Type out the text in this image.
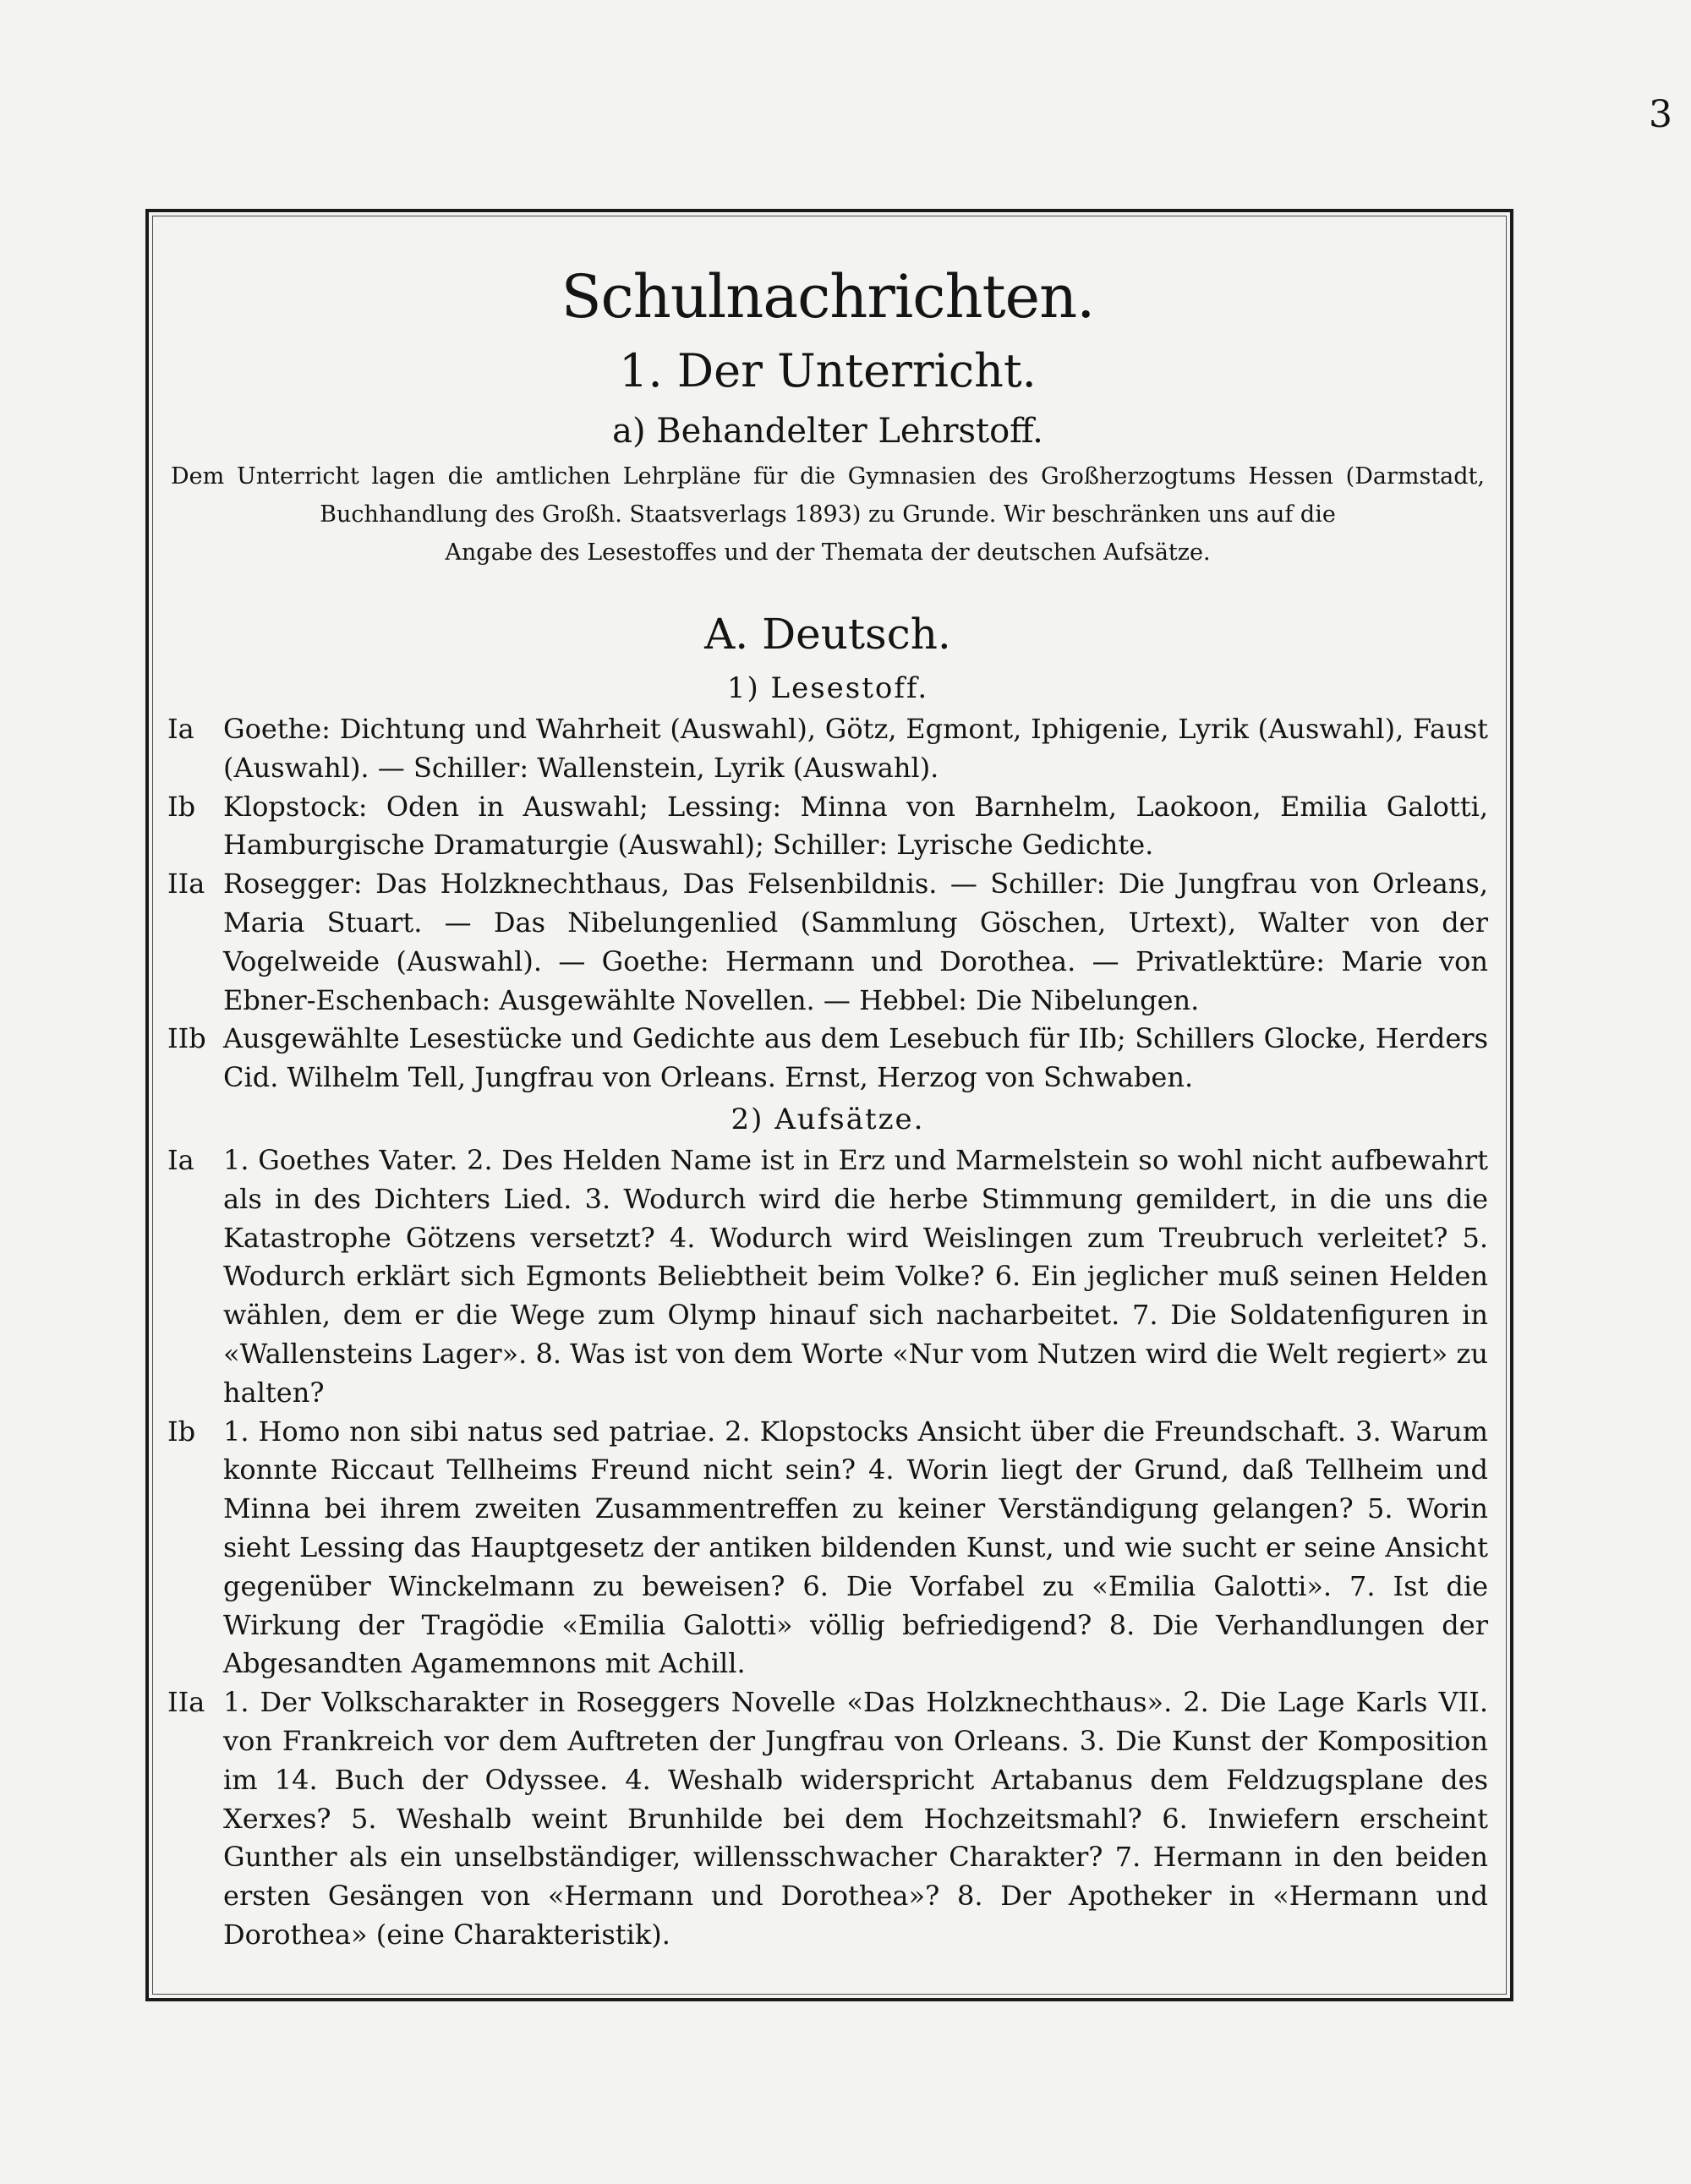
3
Schulnachrichten.
1. Der Unterricht.
a) Behandelter Lehrstoff.

Dem Unterricht lagen die amtlichen Lehrpläne für die Gymnasien des Großherzogtums Hessen (Darmstadt,
Buchhandlung des Großh. Staatsverlags 1893) zu Grunde. Wir beschränken uns auf die
Angabe des Lesestoffes und der Themata der deutschen Aufsätze.

A. Deutsch.
1) Lesestoff.
Ia	Goethe: Dichtung und Wahrheit (Auswahl), Götz, Egmont, Iphigenie, Lyrik (Auswahl), Faust (Auswahl). — Schiller: Wallenstein, Lyrik (Auswahl).
Ib	Klopstock: Oden in Auswahl; Lessing: Minna von Barnhelm, Laokoon, Emilia Galotti, Hamburgische Dramaturgie (Auswahl); Schiller: Lyrische Gedichte.
IIa Rosegger: Das Holzknechthaus, Das Felsenbildnis. — Schiller: Die Jungfrau von Orleans, Maria Stuart. — Das Nibelungenlied (Sammlung Göschen, Urtext), Walter von der Vogelweide (Auswahl). — Goethe: Hermann und Dorothea. — Privatlektüre: Marie von Ebner-Eschenbach: Ausgewählte Novellen. — Hebbel: Die Nibelungen.
IIb Ausgewählte Lesestücke und Gedichte aus dem Lesebuch für IIb; Schillers Glocke, Herders Cid. Wilhelm Tell, Jungfrau von Orleans. Ernst, Herzog von Schwaben.
2) Aufsätze.
Ia	1. Goethes Vater. 2. Des Helden Name ist in Erz und Marmelstein so wohl nicht aufbewahrt als in des Dichters Lied. 3. Wodurch wird die herbe Stimmung gemildert, in die uns die Katastrophe Götzens versetzt? 4. Wodurch wird Weislingen zum Treubruch verleitet? 5. Wodurch erklärt sich Egmonts Beliebtheit beim Volke? 6. Ein jeglicher muß seinen Helden wählen, dem er die Wege zum Olymp hinauf sich nacharbeitet. 7. Die Soldatenfiguren in «Wallensteins Lager». 8. Was ist von dem Worte «Nur vom Nutzen wird die Welt regiert» zu halten?
Ib	1. Homo non sibi natus sed patriae. 2. Klopstocks Ansicht über die Freundschaft. 3. Warum konnte Riccaut Tellheims Freund nicht sein? 4. Worin liegt der Grund, daß Tellheim und Minna bei ihrem zweiten Zusammentreffen zu keiner Verständigung gelangen? 5. Worin sieht Lessing das Hauptgesetz der antiken bildenden Kunst, und wie sucht er seine Ansicht gegenüber Winckelmann zu beweisen? 6. Die Vorfabel zu «Emilia Galotti». 7. Ist die Wirkung der Tragödie «Emilia Galotti» völlig befriedigend? 8. Die Verhandlungen der Abgesandten Agamemnons mit Achill.
IIa 1. Der Volkscharakter in Roseggers Novelle «Das Holzknechthaus». 2. Die Lage Karls VII. von Frankreich vor dem Auftreten der Jungfrau von Orleans. 3. Die Kunst der Komposition im 14. Buch der Odyssee. 4. Weshalb widerspricht Artabanus dem Feldzugsplane des Xerxes? 5. Weshalb weint Brunhilde bei dem Hochzeitsmahl? 6. Inwiefern erscheint Gunther als ein unselbständiger, willensschwacher Charakter? 7. Hermann in den beiden ersten Gesängen von «Hermann und Dorothea»? 8. Der Apotheker in «Hermann und Dorothea» (eine Charakteristik).
